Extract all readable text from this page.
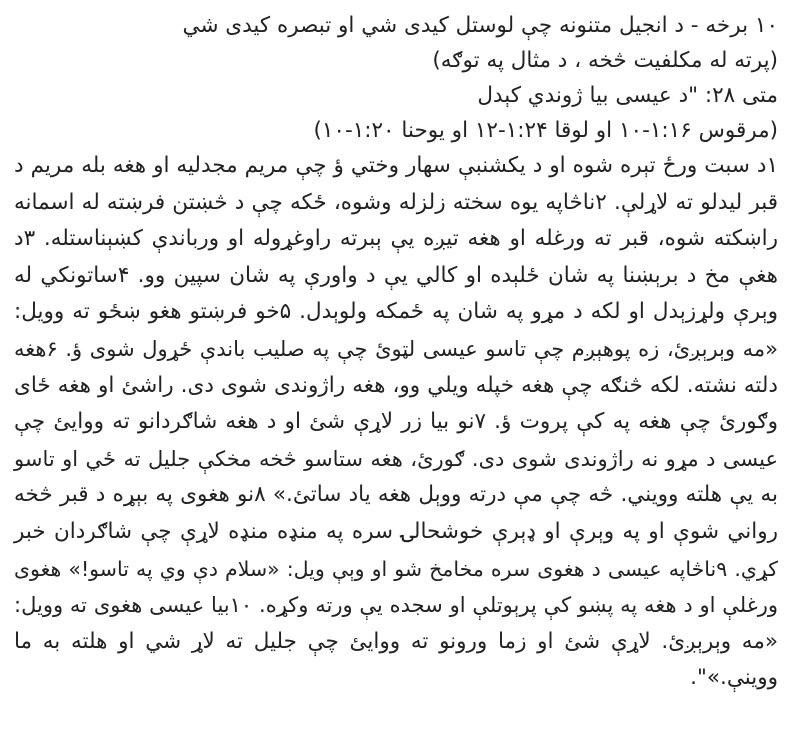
۱۰ برخه - د انجيل متنونه چې لوستل کيدی شي او تبصره کيدی شي
(پرته له مکلفيت څخه ، د مثال په توګه)
متی ۲۸: "د عيسی بيا ژوندي کېدل
(مرقوس ۱:۱۶-۱۰ او لوقا ۱:۲۴-۱۲ او يوحنا ۱:۲۰-۱۰)
۱د سبت ورځ تېره شوه او د يکشنبې سهار وختي ؤ چې مريم مجدليه او هغه بله مريم د
قبر ليدلو ته لاړلې. ۲ناڅاپه يوه سخته زلزله وشوه، ځکه چې د څښتن فرښته له اسمانه
راښکته شوه، قبر ته ورغله او هغه تيږه يې ېبرته راوغړوله او ورباندې کښېناستله. ۳د
هغې مخ د برېښنا په شان ځلېده او کالي يې د واورې په شان سپين وو. ۴ساتونکي له
وېرې ولړزېدل او لکه د مړو په شان په ځمکه ولوېدل. ۵خو فرښتو هغو ښځو ته وويل:
«مه وېرېږئ، زه پوهېږم چې تاسو عيسی لټوئ چې په صليب باندې ځړول شوی ؤ. ۶هغه
دلته نشته. لکه څنګه چې هغه خپله ويلي وو، هغه راژوندی شوی دی. راشئ او هغه ځای
وګورئ چې هغه په کې پروت ؤ. ۷نو بيا زر لاړې شئ او د هغه شاګردانو ته ووايئ چې
عيسی د مړو نه راژوندی شوی دی. ګورئ، هغه ستاسو څخه مخکې جليل ته ځي او تاسو
به يې هلته وويني. څه چې مې درته ووېل هغه ياد ساتئ.» ۸نو هغوی په بېړه د قبر څخه
رواني شوې او په وېرې او ډېرې خوشحالۍ سره په منډه منډه لاړې چې شاګردان خبر
کړي. ۹ناڅاپه عيسی د هغوی سره مخامخ شو او وېې ويل: «سلام دې وي په تاسو!» هغوی
ورغلې او د هغه په پښو کې پرېوتلې او سجده يې ورته وکړه. ۱۰بيا عيسی هغوی ته وويل:
«مه وېرېږئ. لاړې شئ او زما ورونو ته ووايئ چې جليل ته لاړ شي او هلته به ما
ووينې.»".
